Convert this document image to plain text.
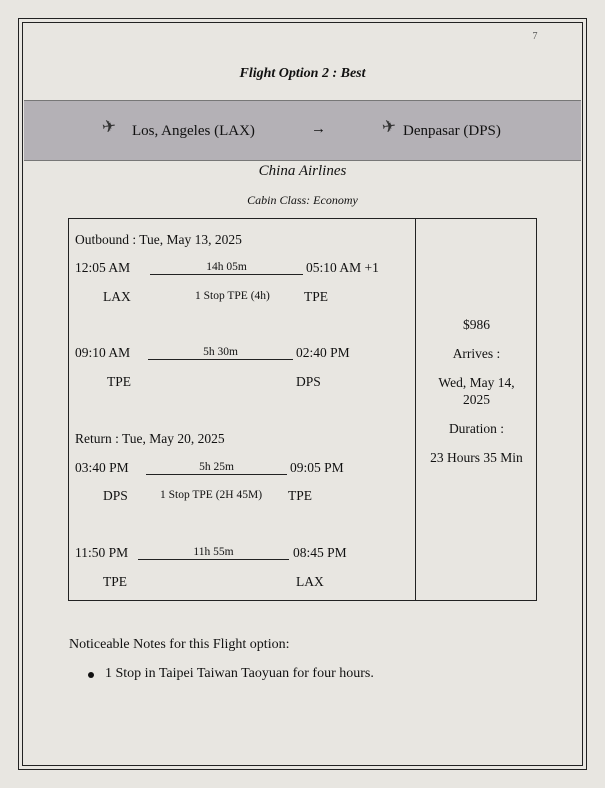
7
Flight Option 2 : Best
✈ Los, Angeles (LAX)	→	✈ Denpasar (DPS)
China Airlines
Cabin Class: Economy
Outbound : Tue, May 13, 2025
12:05 AM	14h 05m	05:10 AM +1
LAX	1 Stop TPE (4h)	TPE
09:10 AM	5h 30m	02:40 PM
TPE	DPS
Return : Tue, May 20, 2025
03:40 PM	5h 25m	09:05 PM
DPS	1 Stop TPE (2H 45M) TPE
11:50 PM	11h 55m	08:45 PM
TPE	LAX
$986
Arrives :
Wed, May 14,
2025
Duration :
23 Hours 35 Min
Noticeable Notes for this Flight option:
1 Stop in Taipei Taiwan Taoyuan for four hours.
